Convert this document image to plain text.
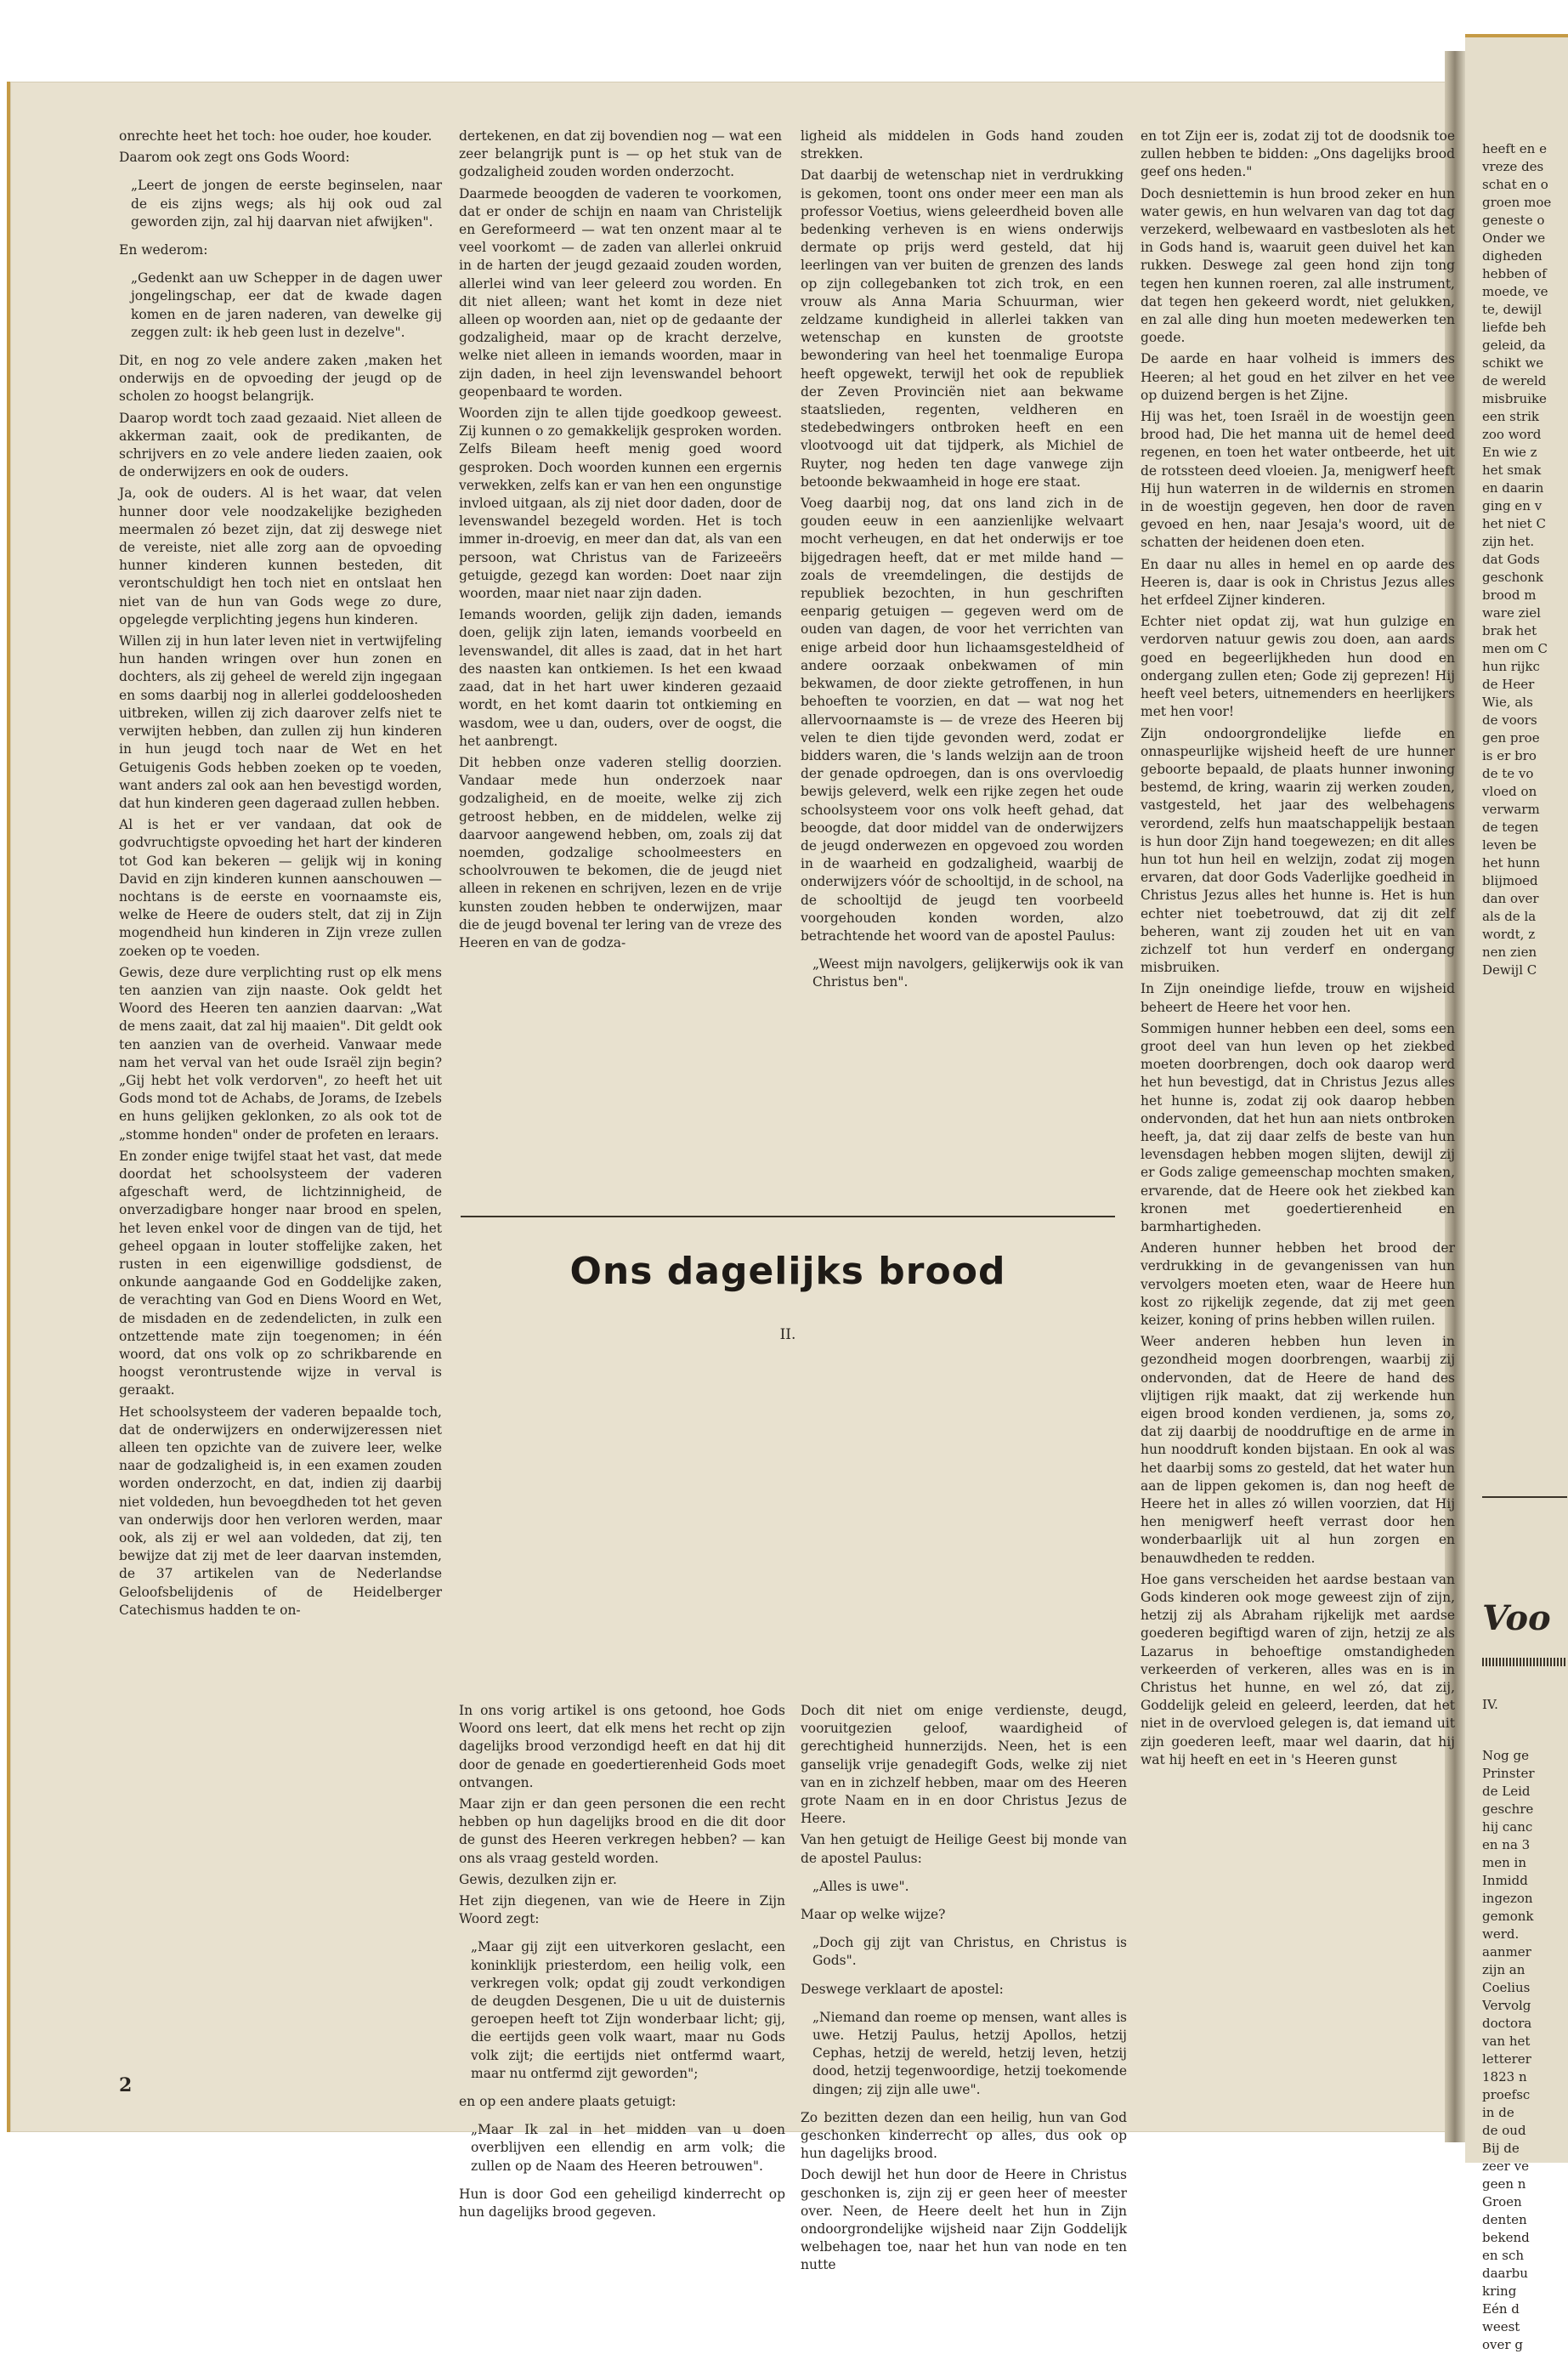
onrechte heet het toch: hoe ouder, hoe kouder.

Daarom ook zegt ons Gods Woord:

„Leert de jongen de eerste beginselen, naar de eis zijns wegs; als hij ook oud zal geworden zijn, zal hij daarvan niet afwijken".

En wederom:

„Gedenkt aan uw Schepper in de dagen uwer jongelingschap, eer dat de kwade dagen komen en de jaren naderen, van dewelke gij zeggen zult: ik heb geen lust in dezelve".

Dit, en nog zo vele andere zaken ,maken het onderwijs en de opvoeding der jeugd op de scholen zo hoogst belangrijk.

Daarop wordt toch zaad gezaaid. Niet alleen de akkerman zaait, ook de predikanten, de schrijvers en zo vele andere lieden zaaien, ook de onderwijzers en ook de ouders.

Ja, ook de ouders. Al is het waar, dat velen hunner door vele noodzakelijke bezigheden meermalen zó bezet zijn, dat zij deswege niet de vereiste, niet alle zorg aan de opvoeding hunner kinderen kunnen besteden, dit verontschuldigt hen toch niet en ontslaat hen niet van de hun van Gods wege zo dure, opgelegde verplichting jegens hun kinderen.

Willen zij in hun later leven niet in vertwijfeling hun handen wringen over hun zonen en dochters, als zij geheel de wereld zijn ingegaan en soms daarbij nog in allerlei goddeloosheden uitbreken, willen zij zich daarover zelfs niet te verwijten hebben, dan zullen zij hun kinderen in hun jeugd toch naar de Wet en het Getuigenis Gods hebben zoeken op te voeden, want anders zal ook aan hen bevestigd worden, dat hun kinderen geen dageraad zullen hebben.

Al is het er ver vandaan, dat ook de godvruchtigste opvoeding het hart der kinderen tot God kan bekeren — gelijk wij in koning David en zijn kinderen kunnen aanschouwen — nochtans is de eerste en voornaamste eis, welke de Heere de ouders stelt, dat zij in Zijn mogendheid hun kinderen in Zijn vreze zullen zoeken op te voeden.

Gewis, deze dure verplichting rust op elk mens ten aanzien van zijn naaste. Ook geldt het Woord des Heeren ten aanzien daarvan: „Wat de mens zaait, dat zal hij maaien". Dit geldt ook ten aanzien van de overheid. Vanwaar mede nam het verval van het oude Israël zijn begin? „Gij hebt het volk verdorven", zo heeft het uit Gods mond tot de Achabs, de Jorams, de Izebels en huns gelijken geklonken, zo als ook tot de „stomme honden" onder de profeten en leraars.

En zonder enige twijfel staat het vast, dat mede doordat het schoolsysteem der vaderen afgeschaft werd, de lichtzinnigheid, de onverzadigbare honger naar brood en spelen, het leven enkel voor de dingen van de tijd, het geheel opgaan in louter stoffelijke zaken, het rusten in een eigenwillige godsdienst, de onkunde aangaande God en Goddelijke zaken, de verachting van God en Diens Woord en Wet, de misdaden en de zedendelicten, in zulk een ontzettende mate zijn toegenomen; in één woord, dat ons volk op zo schrikbarende en hoogst verontrustende wijze in verval is geraakt.

Het schoolsysteem der vaderen bepaalde toch, dat de onderwijzers en onderwijzeressen niet alleen ten opzichte van de zuivere leer, welke naar de godzaligheid is, in een examen zouden worden onderzocht, en dat, indien zij daarbij niet voldeden, hun bevoegdheden tot het geven van onderwijs door hen verloren werden, maar ook, als zij er wel aan voldeden, dat zij, ten bewijze dat zij met de leer daarvan instemden, de 37 artikelen van de Nederlandse Geloofsbelijdenis of de Heidelberger Catechismus hadden te on-

dertekenen, en dat zij bovendien nog — wat een zeer belangrijk punt is — op het stuk van de godzaligheid zouden worden onderzocht.

Daarmede beoogden de vaderen te voorkomen, dat er onder de schijn en naam van Christelijk en Gereformeerd — wat ten onzent maar al te veel voorkomt — de zaden van allerlei onkruid in de harten der jeugd gezaaid zouden worden, allerlei wind van leer geleerd zou worden. En dit niet alleen; want het komt in deze niet alleen op woorden aan, niet op de gedaante der godzaligheid, maar op de kracht derzelve, welke niet alleen in iemands woorden, maar in zijn daden, in heel zijn levenswandel behoort geopenbaard te worden.

Woorden zijn te allen tijde goedkoop geweest. Zij kunnen o zo gemakkelijk gesproken worden. Zelfs Bileam heeft menig goed woord gesproken. Doch woorden kunnen een ergernis verwekken, zelfs kan er van hen een ongunstige invloed uitgaan, als zij niet door daden, door de levenswandel bezegeld worden. Het is toch immer in-droevig, en meer dan dat, als van een persoon, wat Christus van de Farizeeërs getuigde, gezegd kan worden: Doet naar zijn woorden, maar niet naar zijn daden.

Iemands woorden, gelijk zijn daden, iemands doen, gelijk zijn laten, iemands voorbeeld en levenswandel, dit alles is zaad, dat in het hart des naasten kan ontkiemen. Is het een kwaad zaad, dat in het hart uwer kinderen gezaaid wordt, en het komt daarin tot ontkieming en wasdom, wee u dan, ouders, over de oogst, die het aanbrengt.

Dit hebben onze vaderen stellig doorzien. Vandaar mede hun onderzoek naar godzaligheid, en de moeite, welke zij zich getroost hebben, en de middelen, welke zij daarvoor aangewend hebben, om, zoals zij dat noemden, godzalige schoolmeesters en schoolvrouwen te bekomen, die de jeugd niet alleen in rekenen en schrijven, lezen en de vrije kunsten zouden hebben te onderwijzen, maar die de jeugd bovenal ter lering van de vreze des Heeren en van de godza-

ligheid als middelen in Gods hand zouden strekken.

Dat daarbij de wetenschap niet in verdrukking is gekomen, toont ons onder meer een man als professor Voetius, wiens geleerdheid boven alle bedenking verheven is en wiens onderwijs dermate op prijs werd gesteld, dat hij leerlingen van ver buiten de grenzen des lands op zijn collegebanken tot zich trok, en een vrouw als Anna Maria Schuurman, wier zeldzame kundigheid in allerlei takken van wetenschap en kunsten de grootste bewondering van heel het toenmalige Europa heeft opgewekt, terwijl het ook de republiek der Zeven Provinciën niet aan bekwame staatslieden, regenten, veldheren en stedebedwingers ontbroken heeft en een vlootvoogd uit dat tijdperk, als Michiel de Ruyter, nog heden ten dage vanwege zijn betoonde bekwaamheid in hoge ere staat.

Voeg daarbij nog, dat ons land zich in de gouden eeuw in een aanzienlijke welvaart mocht verheugen, en dat het onderwijs er toe bijgedragen heeft, dat er met milde hand — zoals de vreemdelingen, die destijds de republiek bezochten, in hun geschriften eenparig getuigen — gegeven werd om de ouden van dagen, de voor het verrichten van enige arbeid door hun lichaamsgesteldheid of andere oorzaak onbekwamen of min bekwamen, de door ziekte getroffenen, in hun behoeften te voorzien, en dat — wat nog het allervoornaamste is — de vreze des Heeren bij velen te dien tijde gevonden werd, zodat er bidders waren, die 's lands welzijn aan de troon der genade opdroegen, dan is ons overvloedig bewijs geleverd, welk een rijke zegen het oude schoolsysteem voor ons volk heeft gehad, dat beoogde, dat door middel van de onderwijzers de jeugd onderwezen en opgevoed zou worden in de waarheid en godzaligheid, waarbij de onderwijzers vóór de schooltijd, in de school, na de schooltijd de jeugd ten voorbeeld voorgehouden konden worden, alzo betrachtende het woord van de apostel Paulus:

„Weest mijn navolgers, gelijkerwijs ook ik van Christus ben".

en tot Zijn eer is, zodat zij tot de doodsnik toe zullen hebben te bidden: „Ons dagelijks brood geef ons heden."

Doch desniettemin is hun brood zeker en hun water gewis, en hun welvaren van dag tot dag verzekerd, welbewaard en vastbesloten als het in Gods hand is, waaruit geen duivel het kan rukken. Deswege zal geen hond zijn tong tegen hen kunnen roeren, zal alle instrument, dat tegen hen gekeerd wordt, niet gelukken, en zal alle ding hun moeten medewerken ten goede.

De aarde en haar volheid is immers des Heeren; al het goud en het zilver en het vee op duizend bergen is het Zijne.

Hij was het, toen Israël in de woestijn geen brood had, Die het manna uit de hemel deed regenen, en toen het water ontbeerde, het uit de rotssteen deed vloeien. Ja, menigwerf heeft Hij hun waterren in de wildernis en stromen in de woestijn gegeven, hen door de raven gevoed en hen, naar Jesaja's woord, uit de schatten der heidenen doen eten.

En daar nu alles in hemel en op aarde des Heeren is, daar is ook in Christus Jezus alles het erfdeel Zijner kinderen.

Echter niet opdat zij, wat hun gulzige en verdorven natuur gewis zou doen, aan aards goed en begeerlijkheden hun dood en ondergang zullen eten; Gode zij geprezen! Hij heeft veel beters, uitnemenders en heerlijkers met hen voor!

Zijn ondoorgrondelijke liefde en onnaspeurlijke wijsheid heeft de ure hunner geboorte bepaald, de plaats hunner inwoning bestemd, de kring, waarin zij werken zouden, vastgesteld, het jaar des welbehagens verordend, zelfs hun maatschappelijk bestaan is hun door Zijn hand toegewezen; en dit alles hun tot hun heil en welzijn, zodat zij mogen ervaren, dat door Gods Vaderlijke goedheid in Christus Jezus alles het hunne is. Het is hun echter niet toebetrouwd, dat zij dit zelf beheren, want zij zouden het uit en van zichzelf tot hun verderf en ondergang misbruiken.

In Zijn oneindige liefde, trouw en wijsheid beheert de Heere het voor hen.

Sommigen hunner hebben een deel, soms een groot deel van hun leven op het ziekbed moeten doorbrengen, doch ook daarop werd het hun bevestigd, dat in Christus Jezus alles het hunne is, zodat zij ook daarop hebben ondervonden, dat het hun aan niets ontbroken heeft, ja, dat zij daar zelfs de beste van hun levensdagen hebben mogen slijten, dewijl zij er Gods zalige gemeenschap mochten smaken, ervarende, dat de Heere ook het ziekbed kan kronen met goedertierenheid en barmhartigheden.

Anderen hunner hebben het brood der verdrukking in de gevangenissen van hun vervolgers moeten eten, waar de Heere hun kost zo rijkelijk zegende, dat zij met geen keizer, koning of prins hebben willen ruilen.

Weer anderen hebben hun leven in gezondheid mogen doorbrengen, waarbij zij ondervonden, dat de Heere de hand des vlijtigen rijk maakt, dat zij werkende hun eigen brood konden verdienen, ja, soms zo, dat zij daarbij de nooddruftige en de arme in hun nooddruft konden bijstaan. En ook al was het daarbij soms zo gesteld, dat het water hun aan de lippen gekomen is, dan nog heeft de Heere het in alles zó willen voorzien, dat Hij hen menigwerf heeft verrast door hen wonderbaarlijk uit al hun zorgen en benauwdheden te redden.

Hoe gans verscheiden het aardse bestaan van Gods kinderen ook moge geweest zijn of zijn, hetzij zij als Abraham rijkelijk met aardse goederen begiftigd waren of zijn, hetzij ze als Lazarus in behoeftige omstandigheden verkeerden of verkeren, alles was en is in Christus het hunne, en wel zó, dat zij, Goddelijk geleid en geleerd, leerden, dat het niet in de overvloed gelegen is, dat iemand uit zijn goederen leeft, maar wel daarin, dat hij wat hij heeft en eet in 's Heeren gunst

Ons dagelijks brood
II.

In ons vorig artikel is ons getoond, hoe Gods Woord ons leert, dat elk mens het recht op zijn dagelijks brood verzondigd heeft en dat hij dit door de genade en goedertierenheid Gods moet ontvangen.

Maar zijn er dan geen personen die een recht hebben op hun dagelijks brood en die dit door de gunst des Heeren verkregen hebben? — kan ons als vraag gesteld worden.

Gewis, dezulken zijn er.

Het zijn diegenen, van wie de Heere in Zijn Woord zegt:

„Maar gij zijt een uitverkoren geslacht, een koninklijk priesterdom, een heilig volk, een verkregen volk; opdat gij zoudt verkondigen de deugden Desgenen, Die u uit de duisternis geroepen heeft tot Zijn wonderbaar licht; gij, die eertijds geen volk waart, maar nu Gods volk zijt; die eertijds niet ontfermd waart, maar nu ontfermd zijt geworden";

en op een andere plaats getuigt:

„Maar Ik zal in het midden van u doen overblijven een ellendig en arm volk; die zullen op de Naam des Heeren betrouwen".

Hun is door God een geheiligd kinderrecht op hun dagelijks brood gegeven.

Doch dit niet om enige verdienste, deugd, vooruitgezien geloof, waardigheid of gerechtigheid hunnerzijds. Neen, het is een ganselijk vrije genadegift Gods, welke zij niet van en in zichzelf hebben, maar om des Heeren grote Naam en in en door Christus Jezus de Heere.

Van hen getuigt de Heilige Geest bij monde van de apostel Paulus:

„Alles is uwe".

Maar op welke wijze?

„Doch gij zijt van Christus, en Christus is Gods".

Deswege verklaart de apostel:

„Niemand dan roeme op mensen, want alles is uwe. Hetzij Paulus, hetzij Apollos, hetzij Cephas, hetzij de wereld, hetzij leven, hetzij dood, hetzij tegenwoordige, hetzij toekomende dingen; zij zijn alle uwe".

Zo bezitten dezen dan een heilig, hun van God geschonken kinderrecht op alles, dus ook op hun dagelijks brood.

Doch dewijl het hun door de Heere in Christus geschonken is, zijn zij er geen heer of meester over. Neen, de Heere deelt het hun in Zijn ondoorgrondelijke wijsheid naar Zijn Goddelijk welbehagen toe, naar het hun van node en ten nutte

2
heeft en e
vreze des
schat en o
groen moe
geneste o
Onder we
digheden
hebben of
moede, ve
te, dewijl
liefde beh
geleid, da
schikt we
de wereld
misbruike
een strik
zoo word
En wie z
het smak
en daarin
ging en v
het niet C
zijn het.
dat Gods
geschonk
brood m
ware ziel
brak het
men om C
hun rijkc
de Heer
Wie, als
de voors
gen proe
is er bro
de te vo
vloed on
verwarm
de tegen
leven be
het hunn
blijmoed
dan over
als de la
wordt, z
nen zien
Dewijl C
Voo
IV.
Nog ge
Prinster
de Leid
geschre
hij canc
en na 3
men in
Inmidd
ingezon
gemonk
werd.
aanmer
zijn an
Coelius
Vervolg
doctora
van het
letterer
1823 n
proefsc
in de
de oud
Bij de
zeer ve
geen n
Groen
denten
bekend
en sch
daarbu
kring
Eén d
weest
over g
